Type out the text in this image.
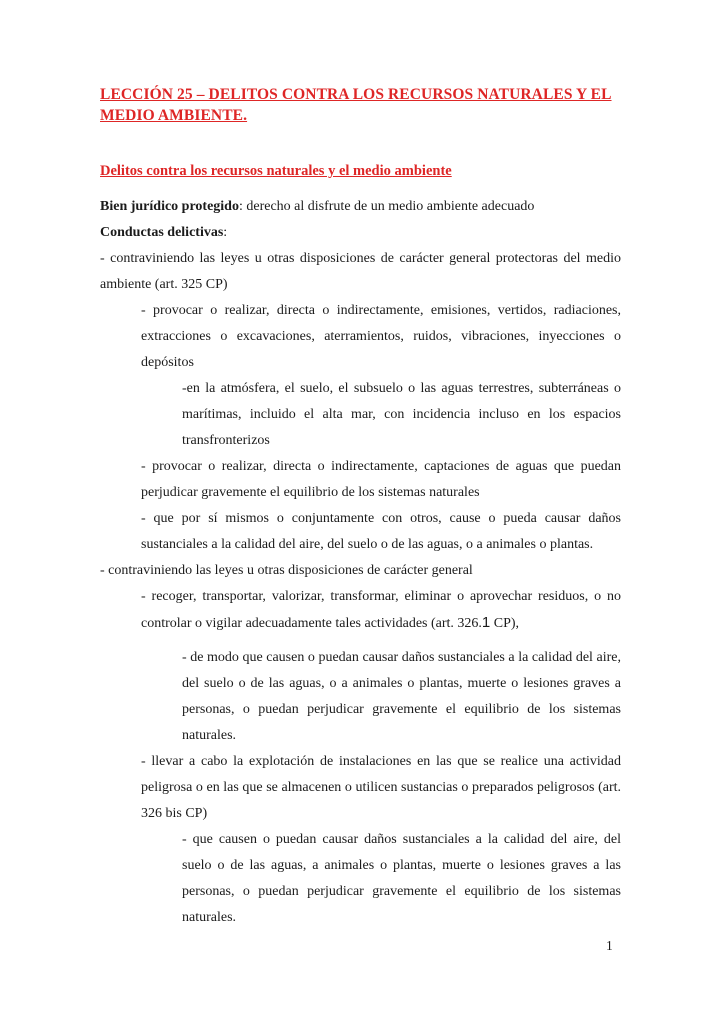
LECCIÓN 25 – DELITOS CONTRA LOS RECURSOS NATURALES Y EL
MEDIO AMBIENTE.
Delitos contra los recursos naturales y el medio ambiente

Bien jurídico protegido: derecho al disfrute de un medio ambiente adecuado

Conductas delictivas:

- contraviniendo las leyes u otras disposiciones de carácter general protectoras del medio ambiente (art. 325 CP)

- provocar o realizar, directa o indirectamente, emisiones, vertidos, radiaciones, extracciones o excavaciones, aterramientos, ruidos, vibraciones, inyecciones o depósitos

-en la atmósfera, el suelo, el subsuelo o las aguas terrestres, subterráneas o marítimas, incluido el alta mar, con incidencia incluso en los espacios transfronterizos

- provocar o realizar, directa o indirectamente, captaciones de aguas que puedan perjudicar gravemente el equilibrio de los sistemas naturales

- que por sí mismos o conjuntamente con otros, cause o pueda causar daños sustanciales a la calidad del aire, del suelo o de las aguas, o a animales o plantas.

- contraviniendo las leyes u otras disposiciones de carácter general

- recoger, transportar, valorizar, transformar, eliminar o aprovechar residuos, o no controlar o vigilar adecuadamente tales actividades (art. 326.1 CP),

- de modo que causen o puedan causar daños sustanciales a la calidad del aire, del suelo o de las aguas, o a animales o plantas, muerte o lesiones graves a personas, o puedan perjudicar gravemente el equilibrio de los sistemas naturales.

- llevar a cabo la explotación de instalaciones en las que se realice una actividad peligrosa o en las que se almacenen o utilicen sustancias o preparados peligrosos (art. 326 bis CP)

- que causen o puedan causar daños sustanciales a la calidad del aire, del suelo o de las aguas, a animales o plantas, muerte o lesiones graves a las personas, o puedan perjudicar gravemente el equilibrio de los sistemas naturales.

1
